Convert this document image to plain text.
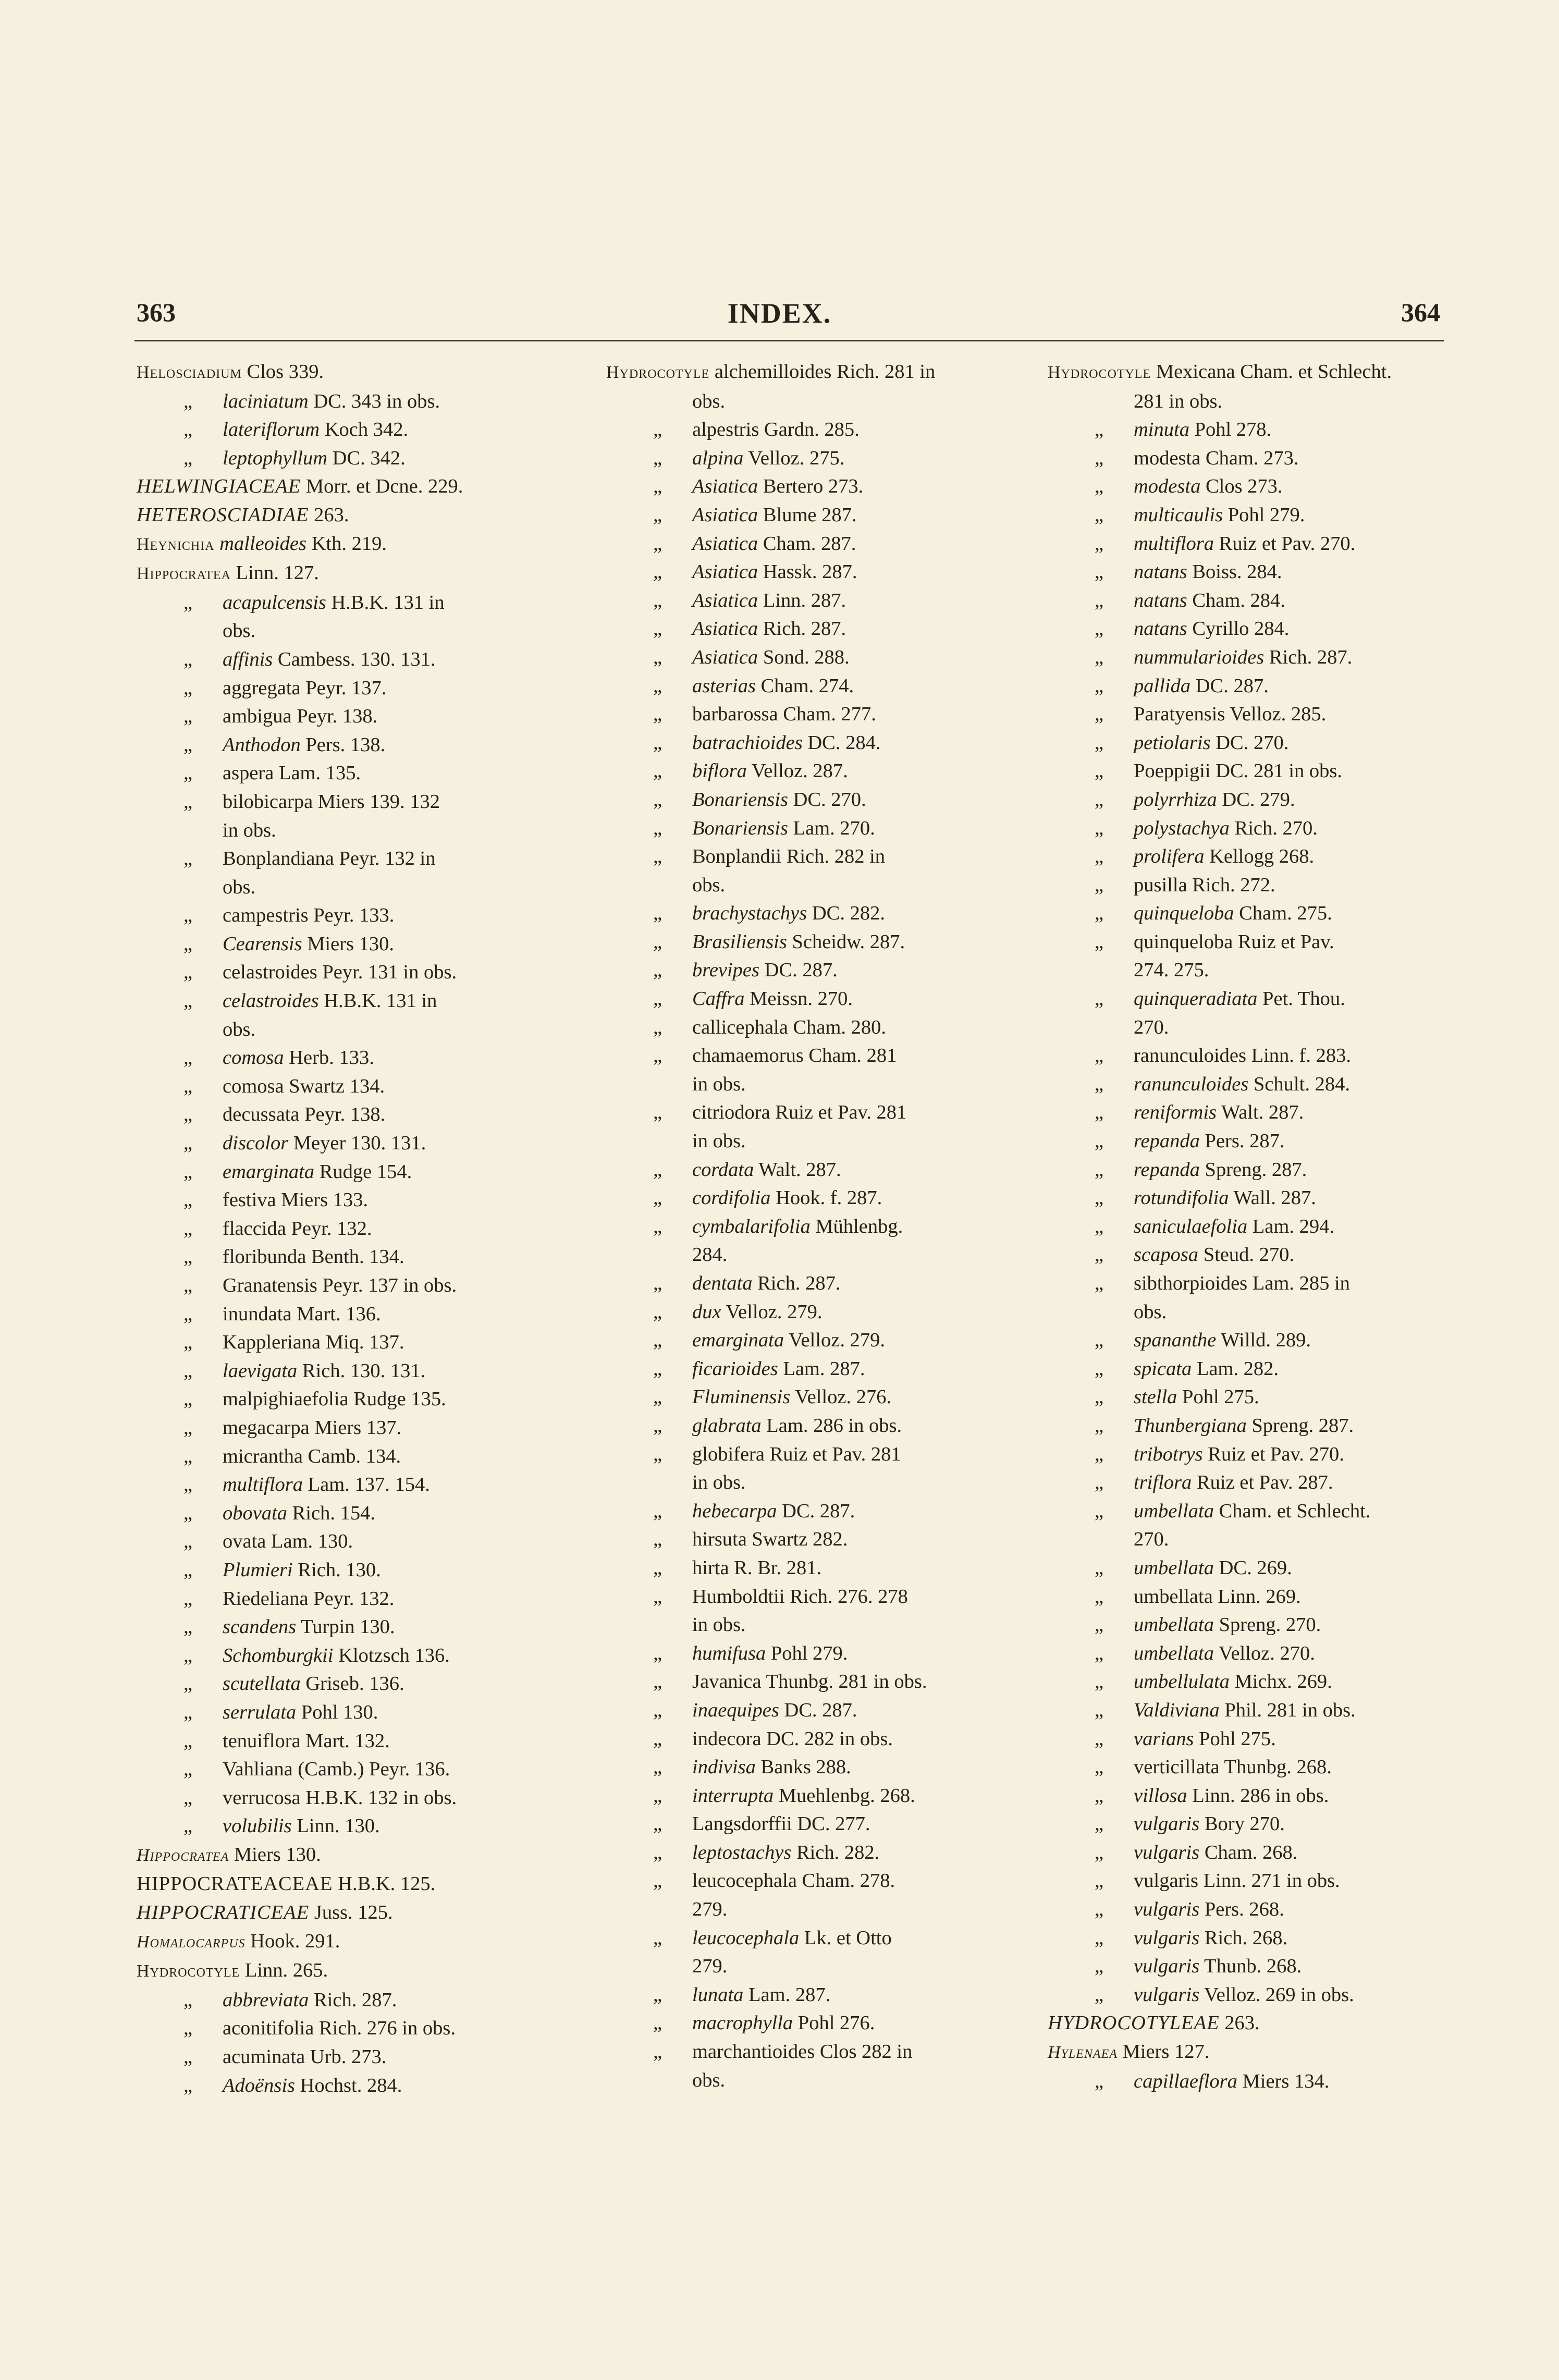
363	INDEX.	364
Helosciadium Clos 339.
„ laciniatum DC. 343 in obs.
„ lateriflorum Koch 342.
„ leptophyllum DC. 342.
HELWINGIACEAE Morr. et Dcne. 229.
HETEROSCIADIAE 263.
Heynichia malleoides Kth. 219.
Hippocratea Linn. 127.
„ acapulcensis H.B.K. 131 in
obs.
„ affinis Cambess. 130. 131.
„ aggregata Peyr. 137.
„ ambigua Peyr. 138.
„ Anthodon Pers. 138.
„ aspera Lam. 135.
„ bilobicarpa Miers 139. 132
in obs.
„ Bonplandiana Peyr. 132 in
obs.
„ campestris Peyr. 133.
„ Cearensis Miers 130.
„ celastroides Peyr. 131 in obs.
„ celastroides H.B.K. 131 in
obs.
„ comosa Herb. 133.
„ comosa Swartz 134.
„ decussata Peyr. 138.
„ discolor Meyer 130. 131.
„ emarginata Rudge 154.
„ festiva Miers 133.
„ flaccida Peyr. 132.
„ floribunda Benth. 134.
„ Granatensis Peyr. 137 in obs.
„ inundata Mart. 136.
„ Kappleriana Miq. 137.
„ laevigata Rich. 130. 131.
„ malpighiaefolia Rudge 135.
„ megacarpa Miers 137.
„ micrantha Camb. 134.
„ multiflora Lam. 137. 154.
„ obovata Rich. 154.
„ ovata Lam. 130.
„ Plumieri Rich. 130.
„ Riedeliana Peyr. 132.
„ scandens Turpin 130.
„ Schomburgkii Klotzsch 136.
„ scutellata Griseb. 136.
„ serrulata Pohl 130.
„ tenuiflora Mart. 132.
„ Vahliana (Camb.) Peyr. 136.
„ verrucosa H.B.K. 132 in obs.
„ volubilis Linn. 130.
Hippocratea Miers 130.
HIPPOCRATEACEAE H.B.K. 125.
HIPPOCRATICEAE Juss. 125.
Homalocarpus Hook. 291.
Hydrocotyle Linn. 265.
„ abbreviata Rich. 287.
„ aconitifolia Rich. 276 in obs.
„ acuminata Urb. 273.
„ Adoënsis Hochst. 284.
Hydrocotyle alchemilloides Rich. 281 in
obs.
„ alpestris Gardn. 285.
„ alpina Velloz. 275.
„ Asiatica Bertero 273.
„ Asiatica Blume 287.
„ Asiatica Cham. 287.
„ Asiatica Hassk. 287.
„ Asiatica Linn. 287.
„ Asiatica Rich. 287.
„ Asiatica Sond. 288.
„ asterias Cham. 274.
„ barbarossa Cham. 277.
„ batrachioides DC. 284.
„ biflora Velloz. 287.
„ Bonariensis DC. 270.
„ Bonariensis Lam. 270.
„ Bonplandii Rich. 282 in
obs.
„ brachystachys DC. 282.
„ Brasiliensis Scheidw. 287.
„ brevipes DC. 287.
„ Caffra Meissn. 270.
„ callicephala Cham. 280.
„ chamaemorus Cham. 281
in obs.
„ citriodora Ruiz et Pav. 281
in obs.
„ cordata Walt. 287.
„ cordifolia Hook. f. 287.
„ cymbalarifolia Mühlenbg.
284.
„ dentata Rich. 287.
„ dux Velloz. 279.
„ emarginata Velloz. 279.
„ ficarioides Lam. 287.
„ Fluminensis Velloz. 276.
„ glabrata Lam. 286 in obs.
„ globifera Ruiz et Pav. 281
in obs.
„ hebecarpa DC. 287.
„ hirsuta Swartz 282.
„ hirta R. Br. 281.
„ Humboldtii Rich. 276. 278
in obs.
„ humifusa Pohl 279.
„ Javanica Thunbg. 281 in obs.
„ inaequipes DC. 287.
„ indecora DC. 282 in obs.
„ indivisa Banks 288.
„ interrupta Muehlenbg. 268.
„ Langsdorffii DC. 277.
„ leptostachys Rich. 282.
„ leucocephala Cham. 278.
279.
„ leucocephala Lk. et Otto
279.
„ lunata Lam. 287.
„ macrophylla Pohl 276.
„ marchantioides Clos 282 in
obs.
Hydrocotyle Mexicana Cham. et Schlecht.
281 in obs.
„ minuta Pohl 278.
„ modesta Cham. 273.
„ modesta Clos 273.
„ multicaulis Pohl 279.
„ multiflora Ruiz et Pav. 270.
„ natans Boiss. 284.
„ natans Cham. 284.
„ natans Cyrillo 284.
„ nummularioides Rich. 287.
„ pallida DC. 287.
„ Paratyensis Velloz. 285.
„ petiolaris DC. 270.
„ Poeppigii DC. 281 in obs.
„ polyrrhiza DC. 279.
„ polystachya Rich. 270.
„ prolifera Kellogg 268.
„ pusilla Rich. 272.
„ quinqueloba Cham. 275.
„ quinqueloba Ruiz et Pav.
274. 275.
„ quinqueradiata Pet. Thou.
270.
„ ranunculoides Linn. f. 283.
„ ranunculoides Schult. 284.
„ reniformis Walt. 287.
„ repanda Pers. 287.
„ repanda Spreng. 287.
„ rotundifolia Wall. 287.
„ saniculaefolia Lam. 294.
„ scaposa Steud. 270.
„ sibthorpioides Lam. 285 in
obs.
„ spananthe Willd. 289.
„ spicata Lam. 282.
„ stella Pohl 275.
„ Thunbergiana Spreng. 287.
„ tribotrys Ruiz et Pav. 270.
„ triflora Ruiz et Pav. 287.
„ umbellata Cham. et Schlecht.
270.
„ umbellata DC. 269.
„ umbellata Linn. 269.
„ umbellata Spreng. 270.
„ umbellata Velloz. 270.
„ umbellulata Michx. 269.
„ Valdiviana Phil. 281 in obs.
„ varians Pohl 275.
„ verticillata Thunbg. 268.
„ villosa Linn. 286 in obs.
„ vulgaris Bory 270.
„ vulgaris Cham. 268.
„ vulgaris Linn. 271 in obs.
„ vulgaris Pers. 268.
„ vulgaris Rich. 268.
„ vulgaris Thunb. 268.
„ vulgaris Velloz. 269 in obs.
HYDROCOTYLEAE 263.
Hylenaea Miers 127.
„ capillaeflora Miers 134.
